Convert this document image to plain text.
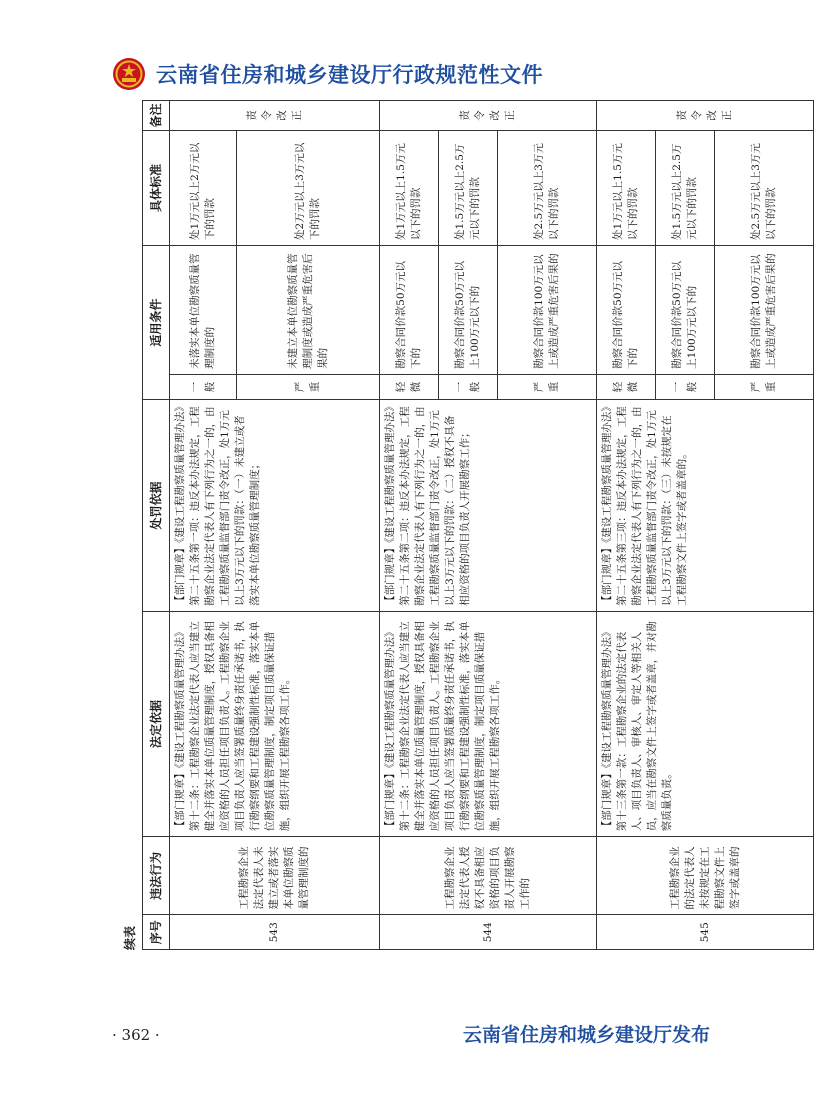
云南省住房和城乡建设厅行政规范性文件
续表 序号	违法行为	法定依据	处罚依据	适用条件		具体标准	备注
543	工程勘察企业法定代表人未建立或者落实本单位勘察质量管理制度的	【部门规章】《建设工程勘察质量管理办法》第十二条：工程勘察企业法定代表人应当建立健全并落实本单位质量管理制度，授权具备相应资格的人员担任项目负责人。工程勘察企业项目负责人应当签署质量终身责任承诺书，执行勘察纲要和工程建设强制性标准，落实本单位勘察质量管理制度，制定项目质量保证措施，组织开展工程勘察各项工作。	【部门规章】《建设工程勘察质量管理办法》第二十五条第一项：违反本办法规定，工程勘察企业法定代表人有下列行为之一的，由工程勘察质量监督部门责令改正，处1万元以上3万元以下的罚款：（一）未建立或者落实本单位勘察质量管理制度；	一般	未落实本单位勘察质量管理制度的	处1万元以上2万元以下的罚款	责令改正
				严重	未建立本单位勘察质量管理制度或造成严重危害后果的	处2万元以上3万元以下的罚款	
544	工程勘察企业法定代表人授权不具备相应资格的项目负责人开展勘察工作的	【部门规章】《建设工程勘察质量管理办法》第十二条：工程勘察企业法定代表人应当建立健全并落实本单位质量管理制度，授权具备相应资格的人员担任项目负责人。工程勘察企业项目负责人应当签署质量终身责任承诺书，执行勘察纲要和工程建设强制性标准，落实本单位勘察质量管理制度，制定项目质量保证措施，组织开展工程勘察各项工作。	【部门规章】《建设工程勘察质量管理办法》第二十五条第二项：违反本办法规定，工程勘察企业法定代表人有下列行为之一的，由工程勘察质量监督部门责令改正，处1万元以上3万元以下的罚款：（二）授权不具备相应资格的项目负责人开展勘察工作；	轻微	勘察合同价款50万元以下的	处1万元以上1.5万元以下的罚款	责令改正
				一般	勘察合同价款50万元以上100万元以下的	处1.5万元以上2.5万元以下的罚款	
				严重	勘察合同价款100万元以上或造成严重危害后果的	处2.5万元以上3万元以下的罚款	
545	工程勘察企业的法定代表人未按规定在工程勘察文件上签字或盖章的	【部门规章】《建设工程勘察质量管理办法》第十三条第一款：工程勘察企业的法定代表人、项目负责人、审核人、审定人等相关人员，应当在勘察文件上签字或者盖章，并对勘察质量负责。	【部门规章】《建设工程勘察质量管理办法》第二十五条第三项：违反本办法规定，工程勘察企业法定代表人有下列行为之一的，由工程勘察质量监督部门责令改正，处1万元以上3万元以下的罚款：（三）未按规定在工程勘察文件上签字或者盖章的。	轻微	勘察合同价款50万元以下的	处1万元以上1.5万元以下的罚款	责令改正
				一般	勘察合同价款50万元以上100万元以下的	处1.5万元以上2.5万元以下的罚款	
				严重	勘察合同价款100万元以上或造成严重危害后果的	处2.5万元以上3万元以下的罚款	
· 362 ·	云南省住房和城乡建设厅发布
